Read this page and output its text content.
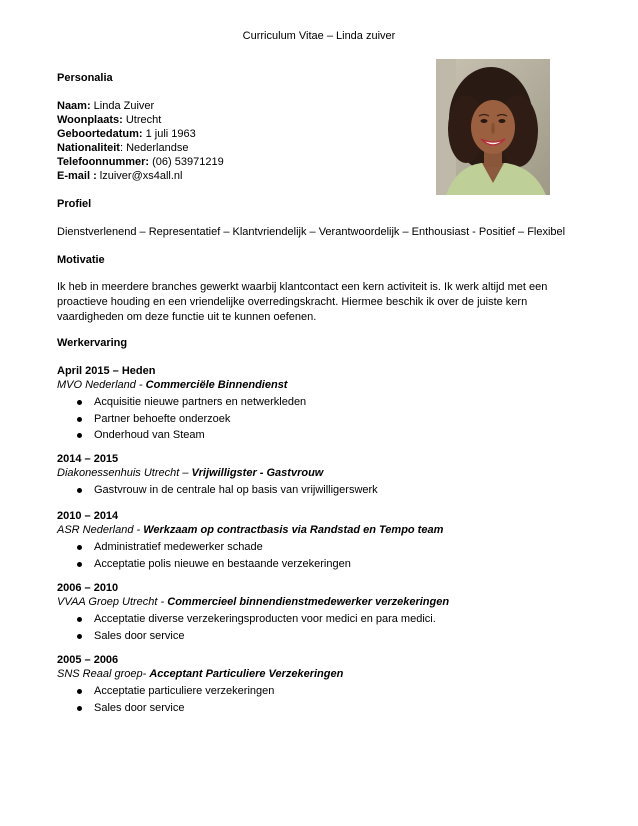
Curriculum Vitae – Linda zuiver
Personalia
Naam: Linda Zuiver
Woonplaats: Utrecht
Geboortedatum: 1 juli 1963
Nationaliteit: Nederlandse
Telefoonnummer: (06) 53971219
E-mail : lzuiver@xs4all.nl
Profiel
Dienstverlenend – Representatief – Klantvriendelijk – Verantwoordelijk – Enthousiast - Positief – Flexibel
Motivatie
Ik heb in meerdere branches gewerkt waarbij klantcontact een kern activiteit is. Ik werk altijd met een proactieve houding en een vriendelijke overredingskracht. Hiermee beschik ik over de juiste kern vaardigheden om deze functie uit te kunnen oefenen.
Werkervaring
April 2015 – Heden
MVO Nederland - Commerciële Binnendienst
Acquisitie nieuwe partners en netwerkleden
Partner behoefte onderzoek
Onderhoud van Steam
2014 – 2015
Diakonessenhuis Utrecht – Vrijwilligster - Gastvrouw
Gastvrouw in de centrale hal op basis van vrijwilligerswerk
2010 – 2014
ASR Nederland - Werkzaam op contractbasis via Randstad en Tempo team
Administratief medewerker schade
Acceptatie polis nieuwe en bestaande verzekeringen
2006 – 2010
VVAA Groep Utrecht - Commercieel binnendienstmedewerker verzekeringen
Acceptatie diverse verzekeringsproducten voor medici en para medici.
Sales door service
2005 – 2006
SNS Reaal groep- Acceptant Particuliere Verzekeringen
Acceptatie particuliere verzekeringen
Sales door service
